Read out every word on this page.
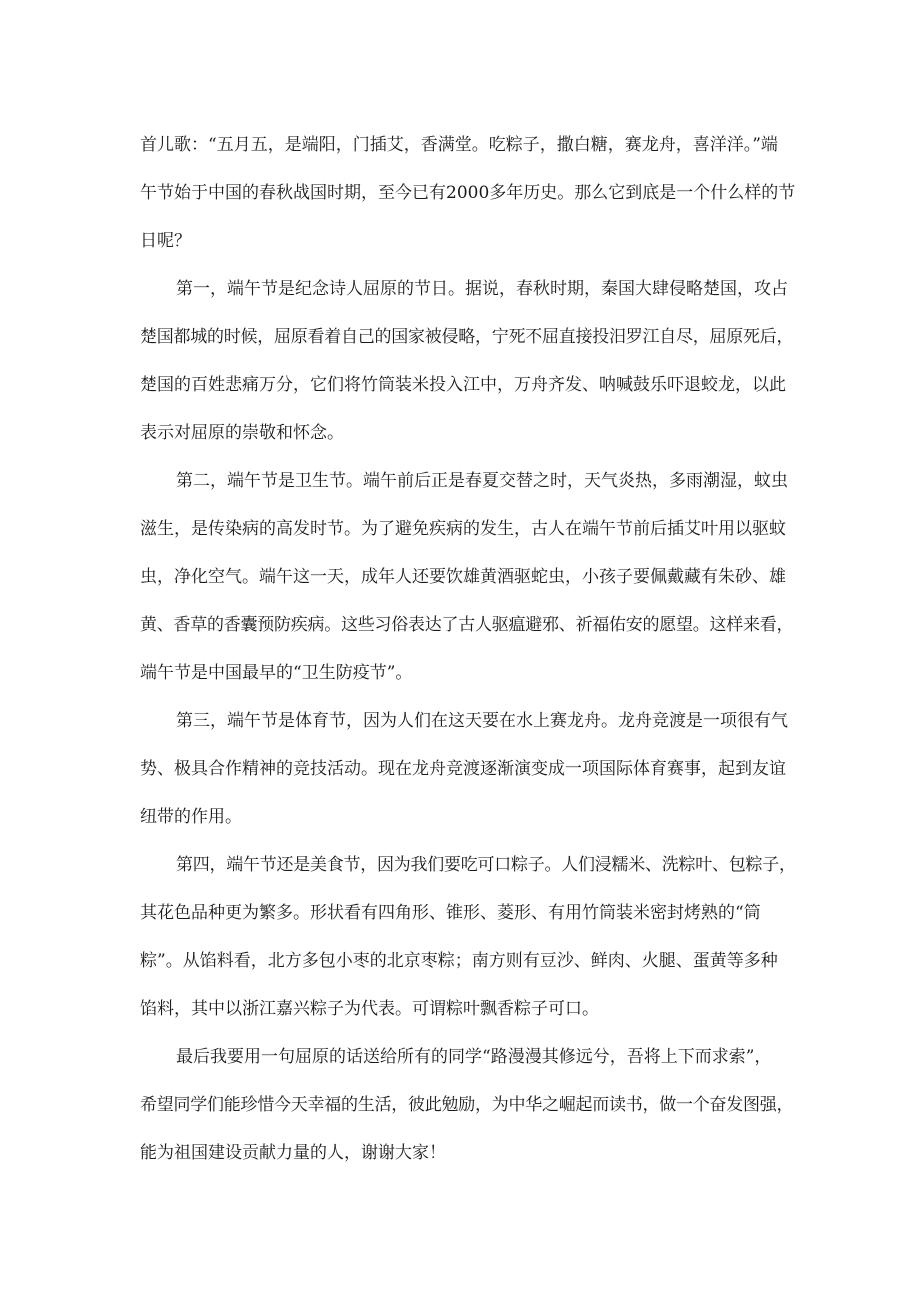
首儿歌：“五月五，是端阳，门插艾，香满堂。吃粽子，撒白糖，赛龙舟，喜洋洋。”端
午节始于中国的春秋战国时期，至今已有2000多年历史。那么它到底是一个什么样的节
日呢？
第一，端午节是纪念诗人屈原的节日。据说，春秋时期，秦国大肆侵略楚国，攻占
楚国都城的时候，屈原看着自己的国家被侵略，宁死不屈直接投汨罗江自尽，屈原死后，
楚国的百姓悲痛万分，它们将竹筒装米投入江中，万舟齐发、呐喊鼓乐吓退蛟龙，以此
表示对屈原的崇敬和怀念。
第二，端午节是卫生节。端午前后正是春夏交替之时，天气炎热，多雨潮湿，蚊虫
滋生，是传染病的高发时节。为了避免疾病的发生，古人在端午节前后插艾叶用以驱蚊
虫，净化空气。端午这一天，成年人还要饮雄黄酒驱蛇虫，小孩子要佩戴藏有朱砂、雄
黄、香草的香囊预防疾病。这些习俗表达了古人驱瘟避邪、祈福佑安的愿望。这样来看，
端午节是中国最早的“卫生防疫节”。
第三，端午节是体育节，因为人们在这天要在水上赛龙舟。龙舟竞渡是一项很有气
势、极具合作精神的竞技活动。现在龙舟竞渡逐渐演变成一项国际体育赛事，起到友谊
纽带的作用。
第四，端午节还是美食节，因为我们要吃可口粽子。人们浸糯米、洗粽叶、包粽子，
其花色品种更为繁多。形状看有四角形、锥形、菱形、有用竹筒装米密封烤熟的“筒
粽”。从馅料看，北方多包小枣的北京枣粽；南方则有豆沙、鲜肉、火腿、蛋黄等多种
馅料，其中以浙江嘉兴粽子为代表。可谓粽叶飘香粽子可口。
最后我要用一句屈原的话送给所有的同学“路漫漫其修远兮，吾将上下而求索”，
希望同学们能珍惜今天幸福的生活，彼此勉励，为中华之崛起而读书，做一个奋发图强，
能为祖国建设贡献力量的人，谢谢大家！
